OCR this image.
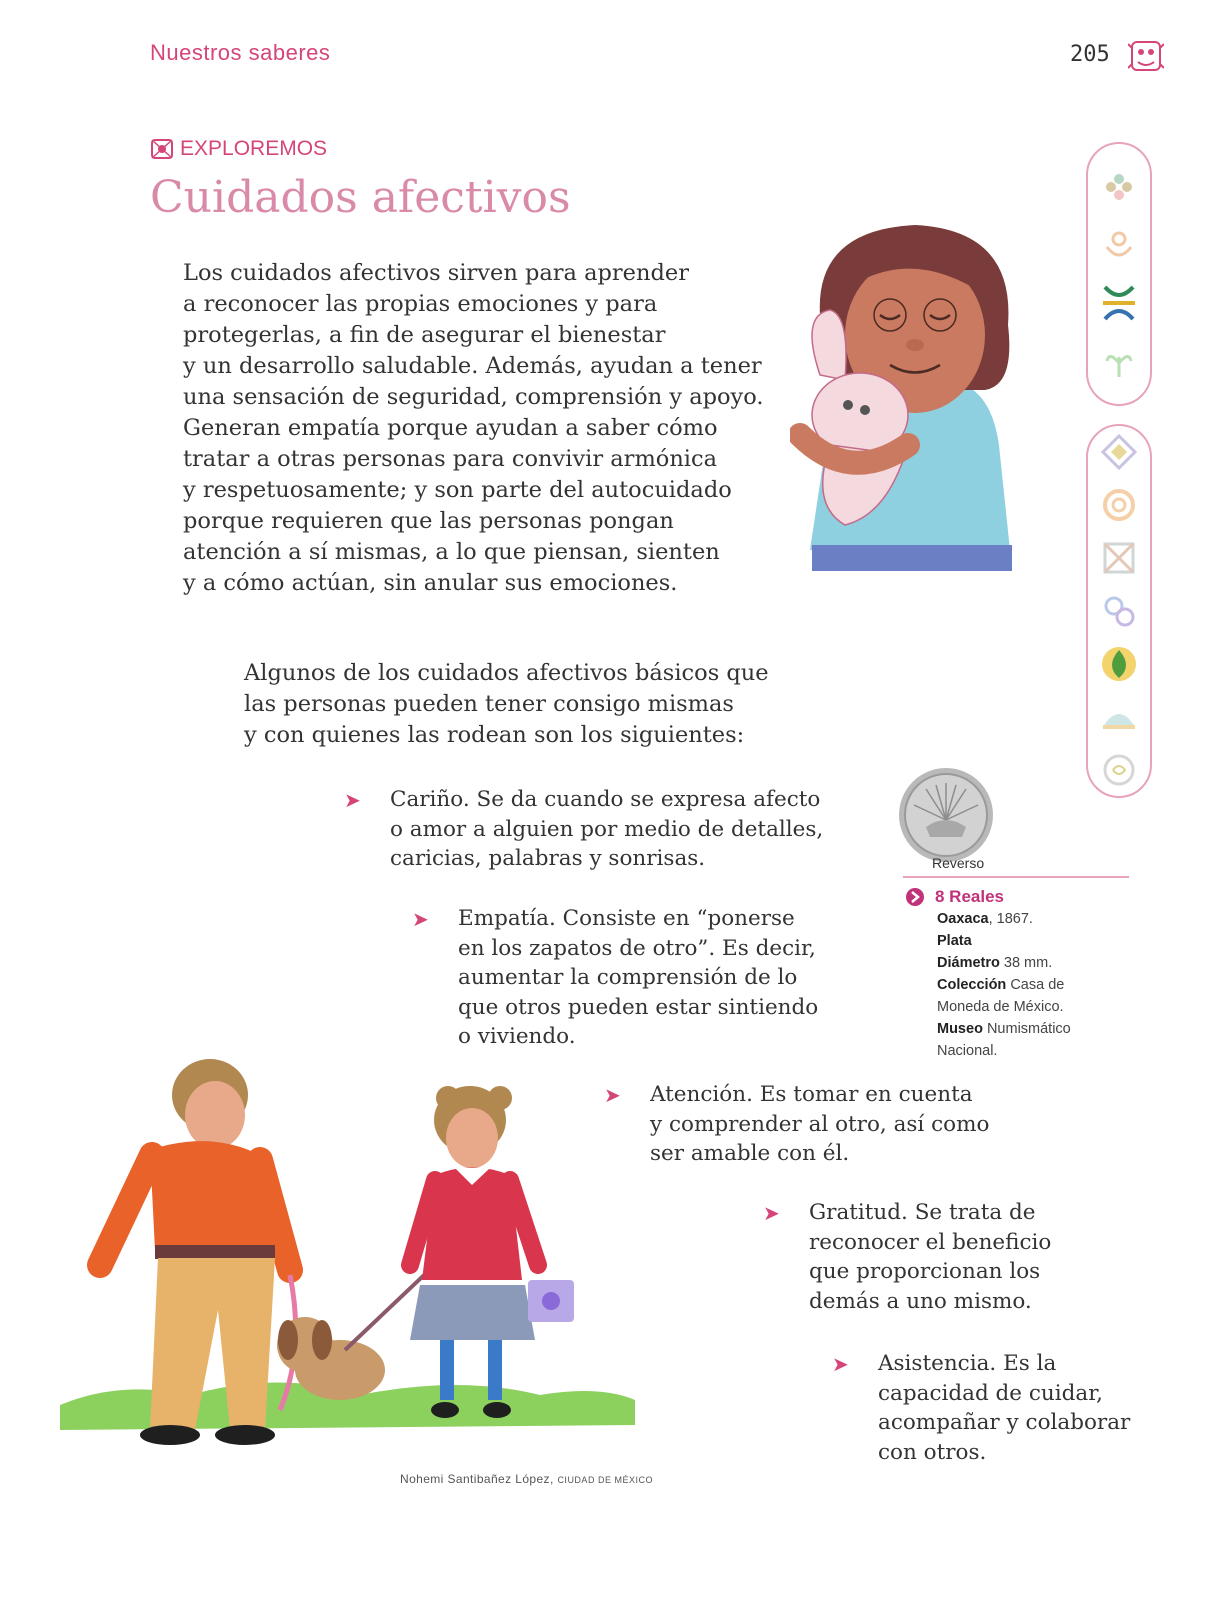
Nuestros saberes	205
EXPLOREMOS
Cuidados afectivos

Los cuidados afectivos sirven para aprender

a reconocer las propias emociones y para

protegerlas, a fin de asegurar el bienestar

y un desarrollo saludable. Además, ayudan a tener

una sensación de seguridad, comprensión y apoyo.

Generan empatía porque ayudan a saber cómo

tratar a otras personas para convivir armónica

y respetuosamente; y son parte del autocuidado

porque requieren que las personas pongan

atención a sí mismas, a lo que piensan, sienten

y a cómo actúan, sin anular sus emociones.

Algunos de los cuidados afectivos básicos que
las personas pueden tener consigo mismas
y con quienes las rodean son los siguientes:
➤	Cariño. Se da cuando se expresa afecto
o amor a alguien por medio de detalles,
caricias, palabras y sonrisas.
➤	Empatía. Consiste en “ponerse
en los zapatos de otro”. Es decir,
aumentar la comprensión de lo
que otros pueden estar sintiendo
o viviendo.
➤	Atención. Es tomar en cuenta
y comprender al otro, así como
ser amable con él.
➤	Gratitud. Se trata de
reconocer el beneficio
que proporcionan los
demás a uno mismo.
➤	Asistencia. Es la
capacidad de cuidar,
acompañar y colaborar
con otros.
Reverso
8 Reales
Oaxaca, 1867.
Plata
Diámetro 38 mm.
Colección Casa de
Moneda de México.
Museo Numismático
Nacional.
Nohemi Santibañez López, CIUDAD DE MÉXICO
